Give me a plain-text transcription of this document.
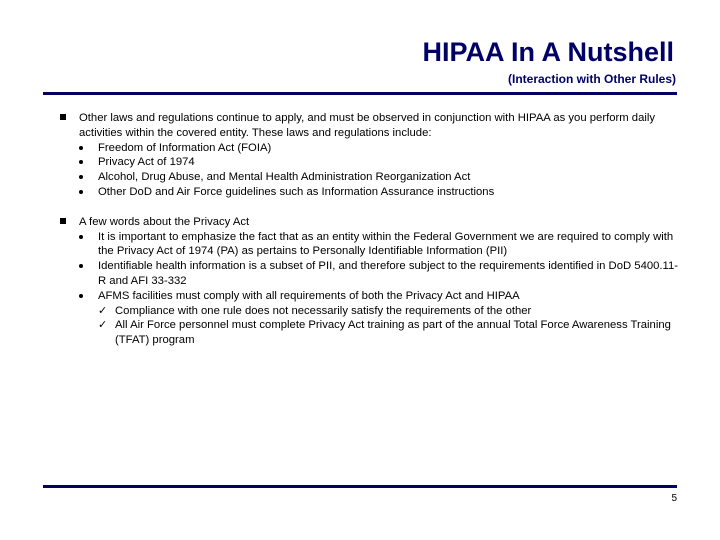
HIPAA In A Nutshell
(Interaction with Other Rules)
Other laws and regulations continue to apply, and must be observed in conjunction with HIPAA as you perform daily activities within the covered entity. These laws and regulations include:
Freedom of Information Act (FOIA)
Privacy Act of 1974
Alcohol, Drug Abuse, and Mental Health Administration Reorganization Act
Other DoD and Air Force guidelines such as Information Assurance instructions
A few words about the Privacy Act
It is important to emphasize the fact that as an entity within the Federal Government we are required to comply with the Privacy Act of 1974 (PA) as pertains to Personally Identifiable Information (PII)
Identifiable health information is a subset of PII, and therefore subject to the requirements identified in DoD 5400.11-R and AFI 33-332
AFMS facilities must comply with all requirements of both the Privacy Act and HIPAA
✓ Compliance with one rule does not necessarily satisfy the requirements of the other
✓ All Air Force personnel must complete Privacy Act training as part of the annual Total Force Awareness Training (TFAT) program
5
